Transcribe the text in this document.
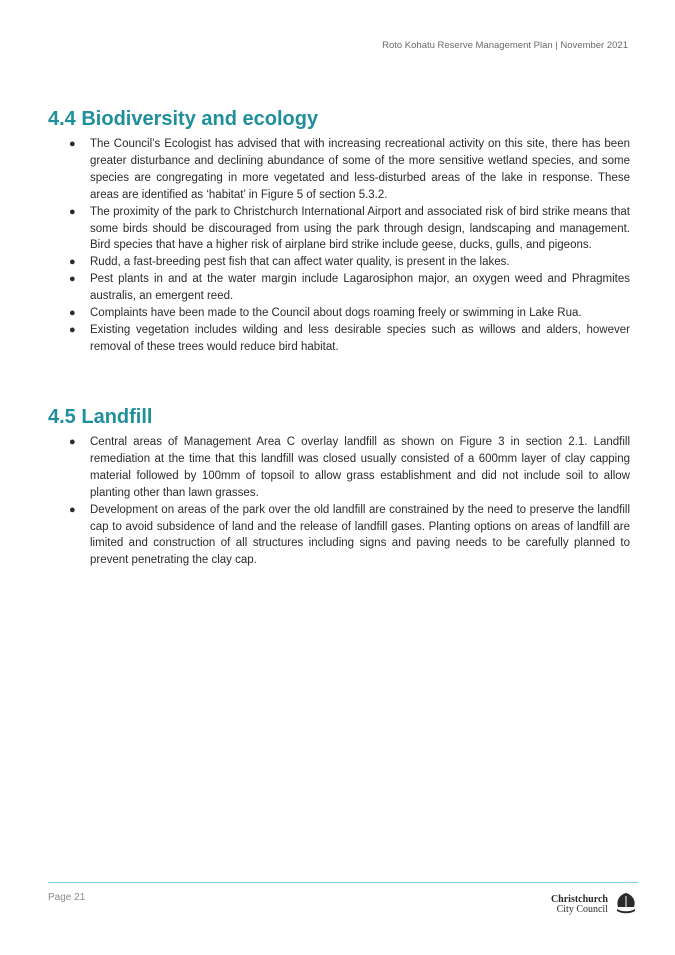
Roto Kohatu Reserve Management Plan | November 2021
4.4 Biodiversity and ecology
● The Council’s Ecologist has advised that with increasing recreational activity on this site, there has been greater disturbance and declining abundance of some of the more sensitive wetland species, and some species are congregating in more vegetated and less-disturbed areas of the lake in response. These areas are identified as ‘habitat’ in Figure 5 of section 5.3.2.
● The proximity of the park to Christchurch International Airport and associated risk of bird strike means that some birds should be discouraged from using the park through design, landscaping and management. Bird species that have a higher risk of airplane bird strike include geese, ducks, gulls, and pigeons.
● Rudd, a fast-breeding pest fish that can affect water quality, is present in the lakes.
● Pest plants in and at the water margin include Lagarosiphon major, an oxygen weed and Phragmites australis, an emergent reed.
● Complaints have been made to the Council about dogs roaming freely or swimming in Lake Rua.
● Existing vegetation includes wilding and less desirable species such as willows and alders, however removal of these trees would reduce bird habitat.
4.5 Landfill
● Central areas of Management Area C overlay landfill as shown on Figure 3 in section 2.1. Landfill remediation at the time that this landfill was closed usually consisted of a 600mm layer of clay capping material followed by 100mm of topsoil to allow grass establishment and did not include soil to allow planting other than lawn grasses.
● Development on areas of the park over the old landfill are constrained by the need to preserve the landfill cap to avoid subsidence of land and the release of landfill gases. Planting options on areas of landfill are limited and construction of all structures including signs and paving needs to be carefully planned to prevent penetrating the clay cap.
Page 21	Christchurch
City Council
